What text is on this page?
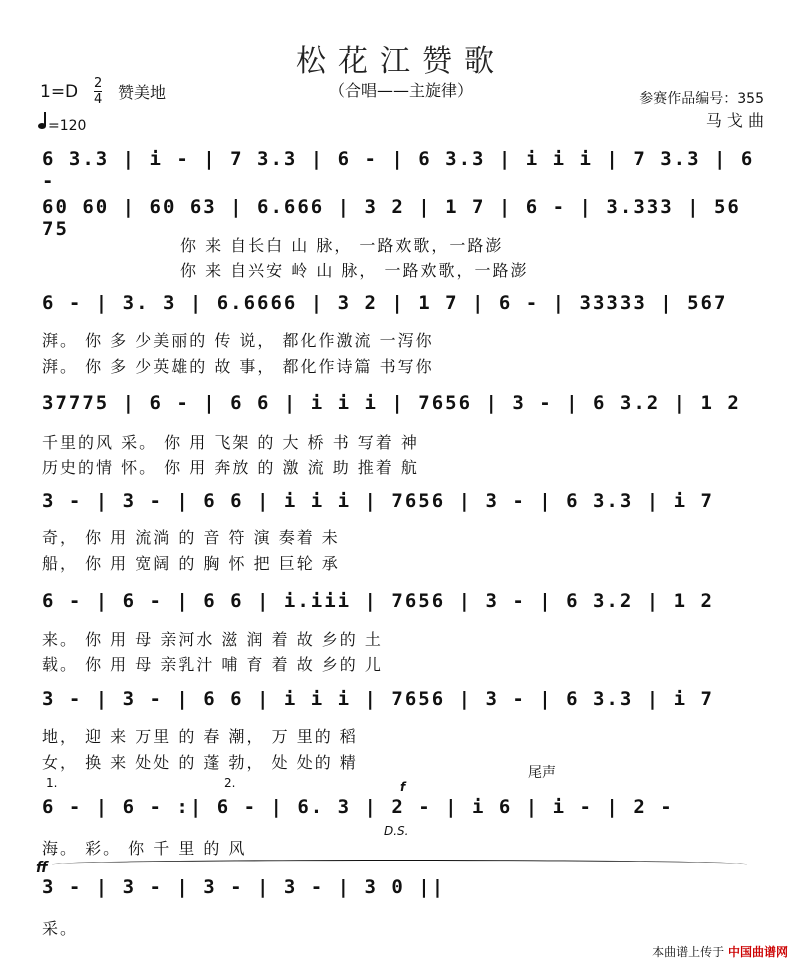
松花江赞歌
（合唱——主旋律）
1=D 2
4 赞美地
=120
参赛作品编号：355
马 戈 曲
6 3.3 | i - | 7 3.3 | 6 - | 6 3.3 | i i i | 7 3.3 | 6 -
60 60 | 60 63 | 6.666 | 3 2 | 1 7 | 6 - | 3.333 | 56 75
你 来 自长白 山 脉， 一路欢歌，一路澎
你 来 自兴安 岭 山 脉， 一路欢歌，一路澎
6 - | 3. 3 | 6.6666 | 3 2 | 1 7 | 6 - | 33333 | 567
湃。 你 多 少美丽的 传 说， 都化作激流 一泻你
湃。 你 多 少英雄的 故 事， 都化作诗篇 书写你
37775 | 6 - | 6 6 | i i i | 7656 | 3 - | 6 3.2 | 1 2
千里的风 采。 你 用 飞架 的 大 桥 书 写着 神
历史的情 怀。 你 用 奔放 的 激 流 助 推着 航
3 - | 3 - | 6 6 | i i i | 7656 | 3 - | 6 3.3 | i 7
奇， 你 用 流淌 的 音 符 演 奏着 未
船， 你 用 宽阔 的 胸 怀 把 巨轮 承
6 - | 6 - | 6 6 | i.iii | 7656 | 3 - | 6 3.2 | 1 2
来。 你 用 母 亲河水 滋 润 着 故 乡的 土
载。 你 用 母 亲乳汁 哺 育 着 故 乡的 儿
3 - | 3 - | 6 6 | i i i | 7656 | 3 - | 6 3.3 | i 7
地， 迎 来 万里 的 春 潮， 万 里的 稻
女， 换 来 处处 的 蓬 勃， 处 处的 精
1.	2.	f
尾声
6 - | 6 - :| 6 - | 6. 3 | 2 - | i 6 | i - | 2 -
D.S.
海。 彩。 你 千 里 的 风
ff
3 - | 3 - | 3 - | 3 - | 3 0 ||
采。
本曲谱上传于 中国曲谱网
